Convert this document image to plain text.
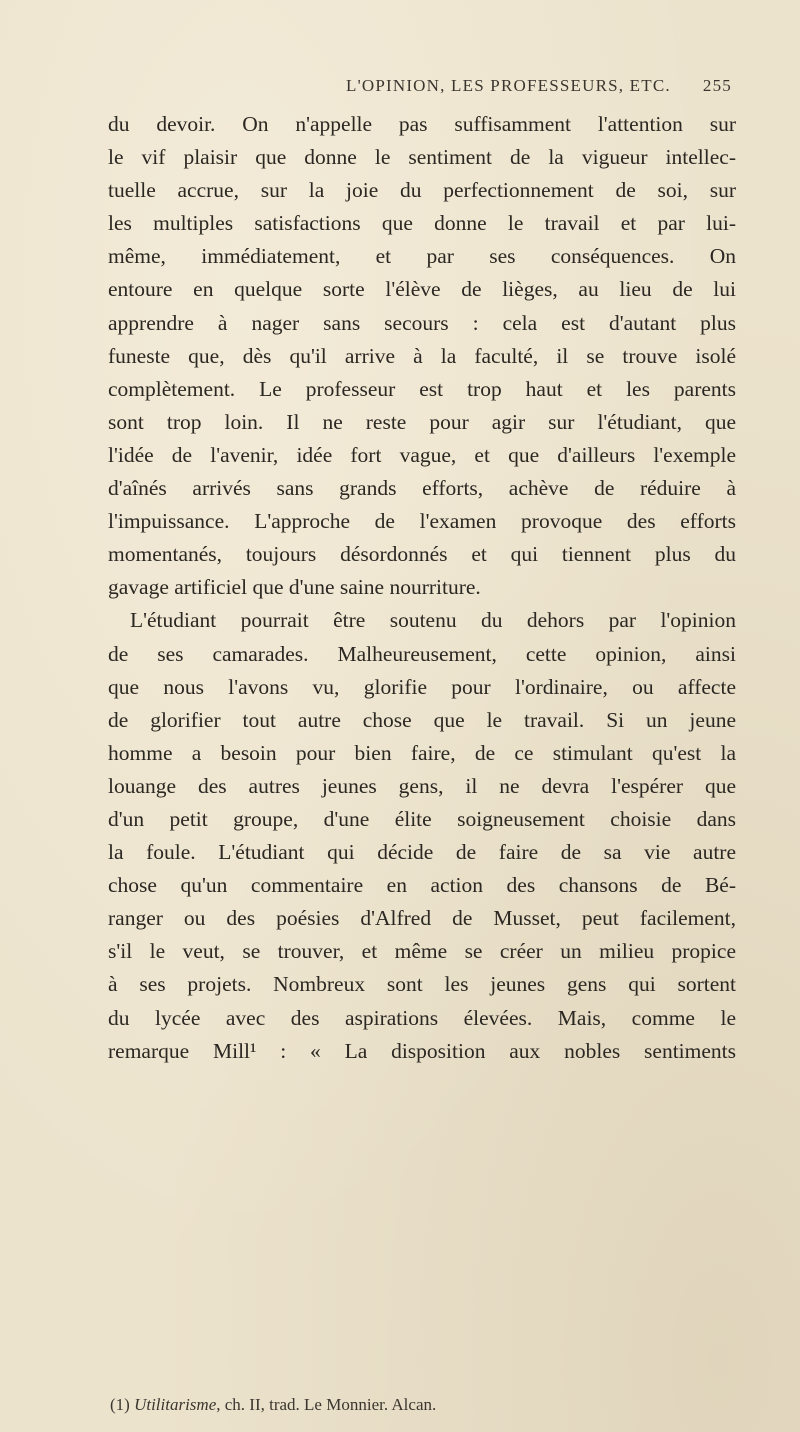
L'OPINION, LES PROFESSEURS, ETC. 255
du devoir. On n'appelle pas suffisamment l'attention sur
le vif plaisir que donne le sentiment de la vigueur intellec-
tuelle accrue, sur la joie du perfectionnement de soi, sur
les multiples satisfactions que donne le travail et par lui-
même, immédiatement, et par ses conséquences. On
entoure en quelque sorte l'élève de lièges, au lieu de lui
apprendre à nager sans secours : cela est d'autant plus
funeste que, dès qu'il arrive à la faculté, il se trouve isolé
complètement. Le professeur est trop haut et les parents
sont trop loin. Il ne reste pour agir sur l'étudiant, que
l'idée de l'avenir, idée fort vague, et que d'ailleurs l'exemple
d'aînés arrivés sans grands efforts, achève de réduire à
l'impuissance. L'approche de l'examen provoque des efforts
momentanés, toujours désordonnés et qui tiennent plus du
gavage artificiel que d'une saine nourriture.
L'étudiant pourrait être soutenu du dehors par l'opinion
de ses camarades. Malheureusement, cette opinion, ainsi
que nous l'avons vu, glorifie pour l'ordinaire, ou affecte
de glorifier tout autre chose que le travail. Si un jeune
homme a besoin pour bien faire, de ce stimulant qu'est la
louange des autres jeunes gens, il ne devra l'espérer que
d'un petit groupe, d'une élite soigneusement choisie dans
la foule. L'étudiant qui décide de faire de sa vie autre
chose qu'un commentaire en action des chansons de Bé-
ranger ou des poésies d'Alfred de Musset, peut facilement,
s'il le veut, se trouver, et même se créer un milieu propice
à ses projets. Nombreux sont les jeunes gens qui sortent
du lycée avec des aspirations élevées. Mais, comme le
remarque Mill¹ : « La disposition aux nobles sentiments
(1) Utilitarisme, ch. II, trad. Le Monnier. Alcan.
